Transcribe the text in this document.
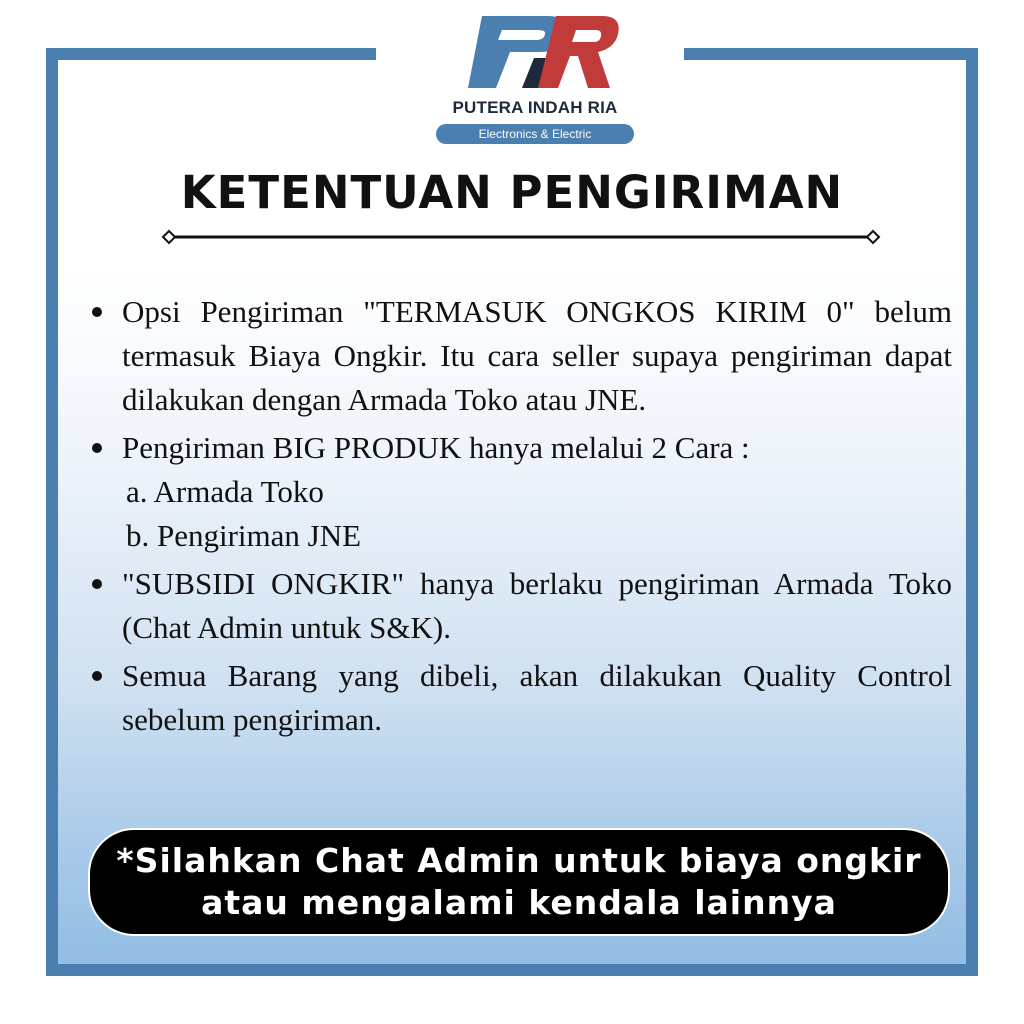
PUTERA INDAH RIA
Electronics & Electric
KETENTUAN PENGIRIMAN
Opsi Pengiriman "TERMASUK ONGKOS KIRIM 0" belum termasuk Biaya Ongkir. Itu cara seller supaya pengiriman dapat dilakukan dengan Armada Toko atau JNE.
Pengiriman BIG PRODUK hanya melalui 2 Cara :
a. Armada Toko
b. Pengiriman JNE
"SUBSIDI ONGKIR" hanya berlaku pengiriman Armada Toko (Chat Admin untuk S&K).
Semua Barang yang dibeli, akan dilakukan Quality Control sebelum pengiriman.
*Silahkan Chat Admin untuk biaya ongkir
atau mengalami kendala lainnya
